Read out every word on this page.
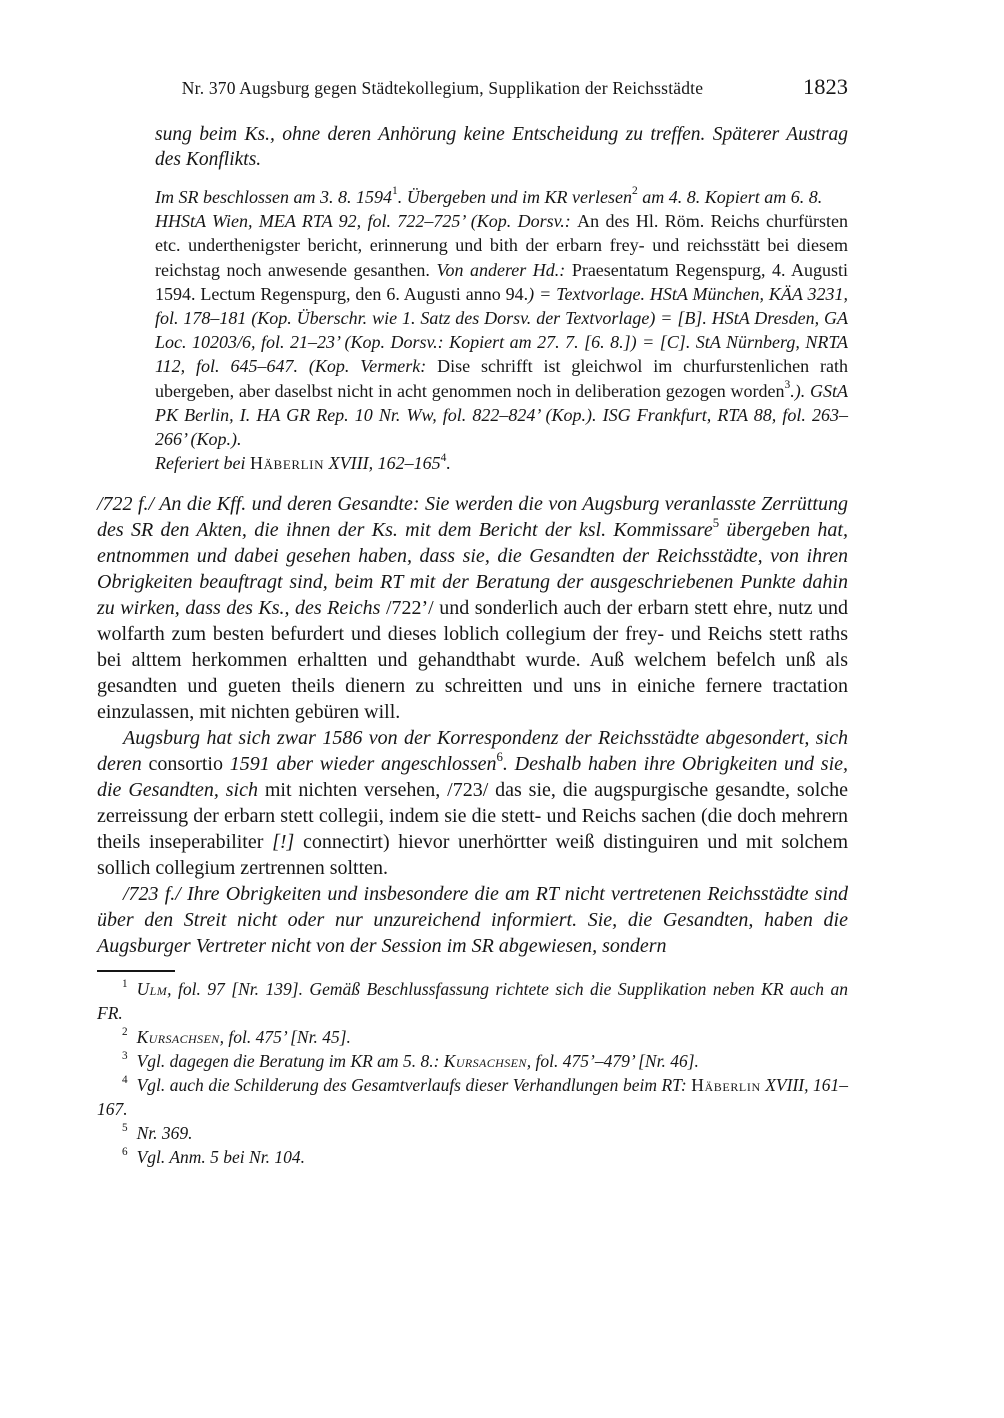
Nr. 370 Augsburg gegen Städtekollegium, Supplikation der Reichsstädte	1823
sung beim Ks., ohne deren Anhörung keine Entscheidung zu treffen. Späterer Austrag des Konflikts.

Im SR beschlossen am 3. 8. 1594$^1$. Übergeben und im KR verlesen$^2$ am 4. 8. Kopiert am 6. 8.

HHStA Wien, MEA RTA 92, fol. 722–725’ (Kop. Dorsv.: An des Hl. Röm. Reichs churfürsten etc. underthenigster bericht, erinnerung und bith der erbarn frey- und reichsstätt bei diesem reichstag noch anwesende gesanthen. Von anderer Hd.: Praesentatum Regenspurg, 4. Augusti 1594. Lectum Regenspurg, den 6. Augusti anno 94.) = Textvorlage. HStA München, KÄA 3231, fol. 178–181 (Kop. Überschr. wie 1. Satz des Dorsv. der Textvorlage) = [B]. HStA Dresden, GA Loc. 10203/6, fol. 21–23’ (Kop. Dorsv.: Kopiert am 27. 7. [6. 8.]) = [C]. StA Nürnberg, NRTA 112, fol. 645–647. (Kop. Vermerk: Dise schrifft ist gleichwol im churfurstenlichen rath ubergeben, aber daselbst nicht in acht genommen noch in deliberation gezogen worden$^3$.). GStA PK Berlin, I. HA GR Rep. 10 Nr. Ww, fol. 822–824’ (Kop.). ISG Frankfurt, RTA 88, fol. 263–266’ (Kop.).

Referiert bei Häberlin XVIII, 162–165$^4$.

/722 f./ An die Kff. und deren Gesandte: Sie werden die von Augsburg veranlasste Zerrüttung des SR den Akten, die ihnen der Ks. mit dem Bericht der ksl. Kommissare$^5$ übergeben hat, entnommen und dabei gesehen haben, dass sie, die Gesandten der Reichsstädte, von ihren Obrigkeiten beauftragt sind, beim RT mit der Beratung der ausgeschriebenen Punkte dahin zu wirken, dass des Ks., des Reichs /722’/ und sonderlich auch der erbarn stett ehre, nutz und wolfarth zum besten befurdert und dieses loblich collegium der frey- und Reichs stett raths bei alttem herkommen erhaltten und gehandthabt wurde. Auß welchem befelch unß als gesandten und gueten theils dienern zu schreitten und uns in einiche fernere tractation einzulassen, mit nichten gebüren will.

Augsburg hat sich zwar 1586 von der Korrespondenz der Reichsstädte abgesondert, sich deren consortio 1591 aber wieder angeschlossen$^6$. Deshalb haben ihre Obrigkeiten und sie, die Gesandten, sich mit nichten versehen, /723/ das sie, die augspurgische gesandte, solche zerreissung der erbarn stett collegii, indem sie die stett- und Reichs sachen (die doch mehrern theils inseperabiliter [!] connectirt) hievor unerhörtter weiß distinguiren und mit solchem sollich collegium zertrennen soltten.

/723 f./ Ihre Obrigkeiten und insbesondere die am RT nicht vertretenen Reichsstädte sind über den Streit nicht oder nur unzureichend informiert. Sie, die Gesandten, haben die Augsburger Vertreter nicht von der Session im SR abgewiesen, sondern

$^1$ Ulm, fol. 97 [Nr. 139]. Gemäß Beschlussfassung richtete sich die Supplikation neben KR auch an FR.

$^2$ Kursachsen, fol. 475’ [Nr. 45].

$^3$ Vgl. dagegen die Beratung im KR am 5. 8.: Kursachsen, fol. 475’–479’ [Nr. 46].

$^4$ Vgl. auch die Schilderung des Gesamtverlaufs dieser Verhandlungen beim RT: Häberlin XVIII, 161–167.

$^5$ Nr. 369.

$^6$ Vgl. Anm. 5 bei Nr. 104.
